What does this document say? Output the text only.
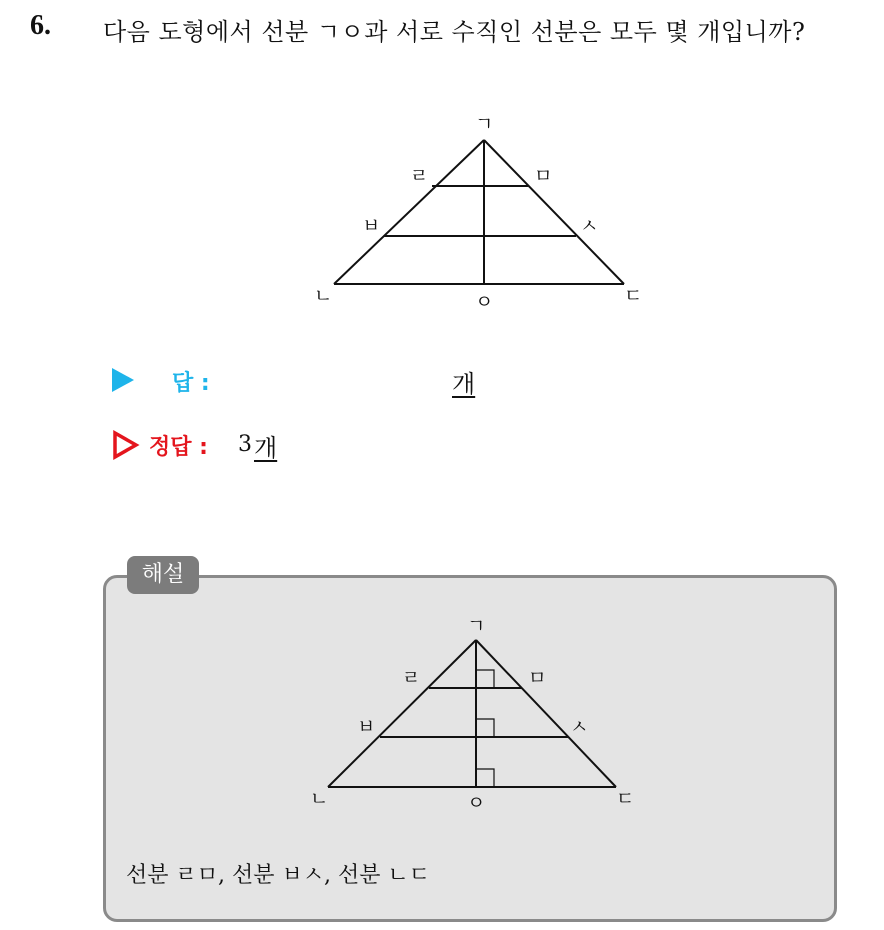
6. 다음 도형에서 선분 ㄱㅇ과 서로 수직인 선분은 모두 몇 개입니까?
ㄱ
ㄹ	ㅁ
ㅂ	ㅅ
ㄴ	ㅇ	ㄷ
답 :	개
정답 : 3 개
해설
ㄱ
ㄹ	ㅁ
ㅂ	ㅅ
ㄴ	ㅇ	ㄷ
선분 ㄹㅁ, 선분 ㅂㅅ, 선분 ㄴㄷ
